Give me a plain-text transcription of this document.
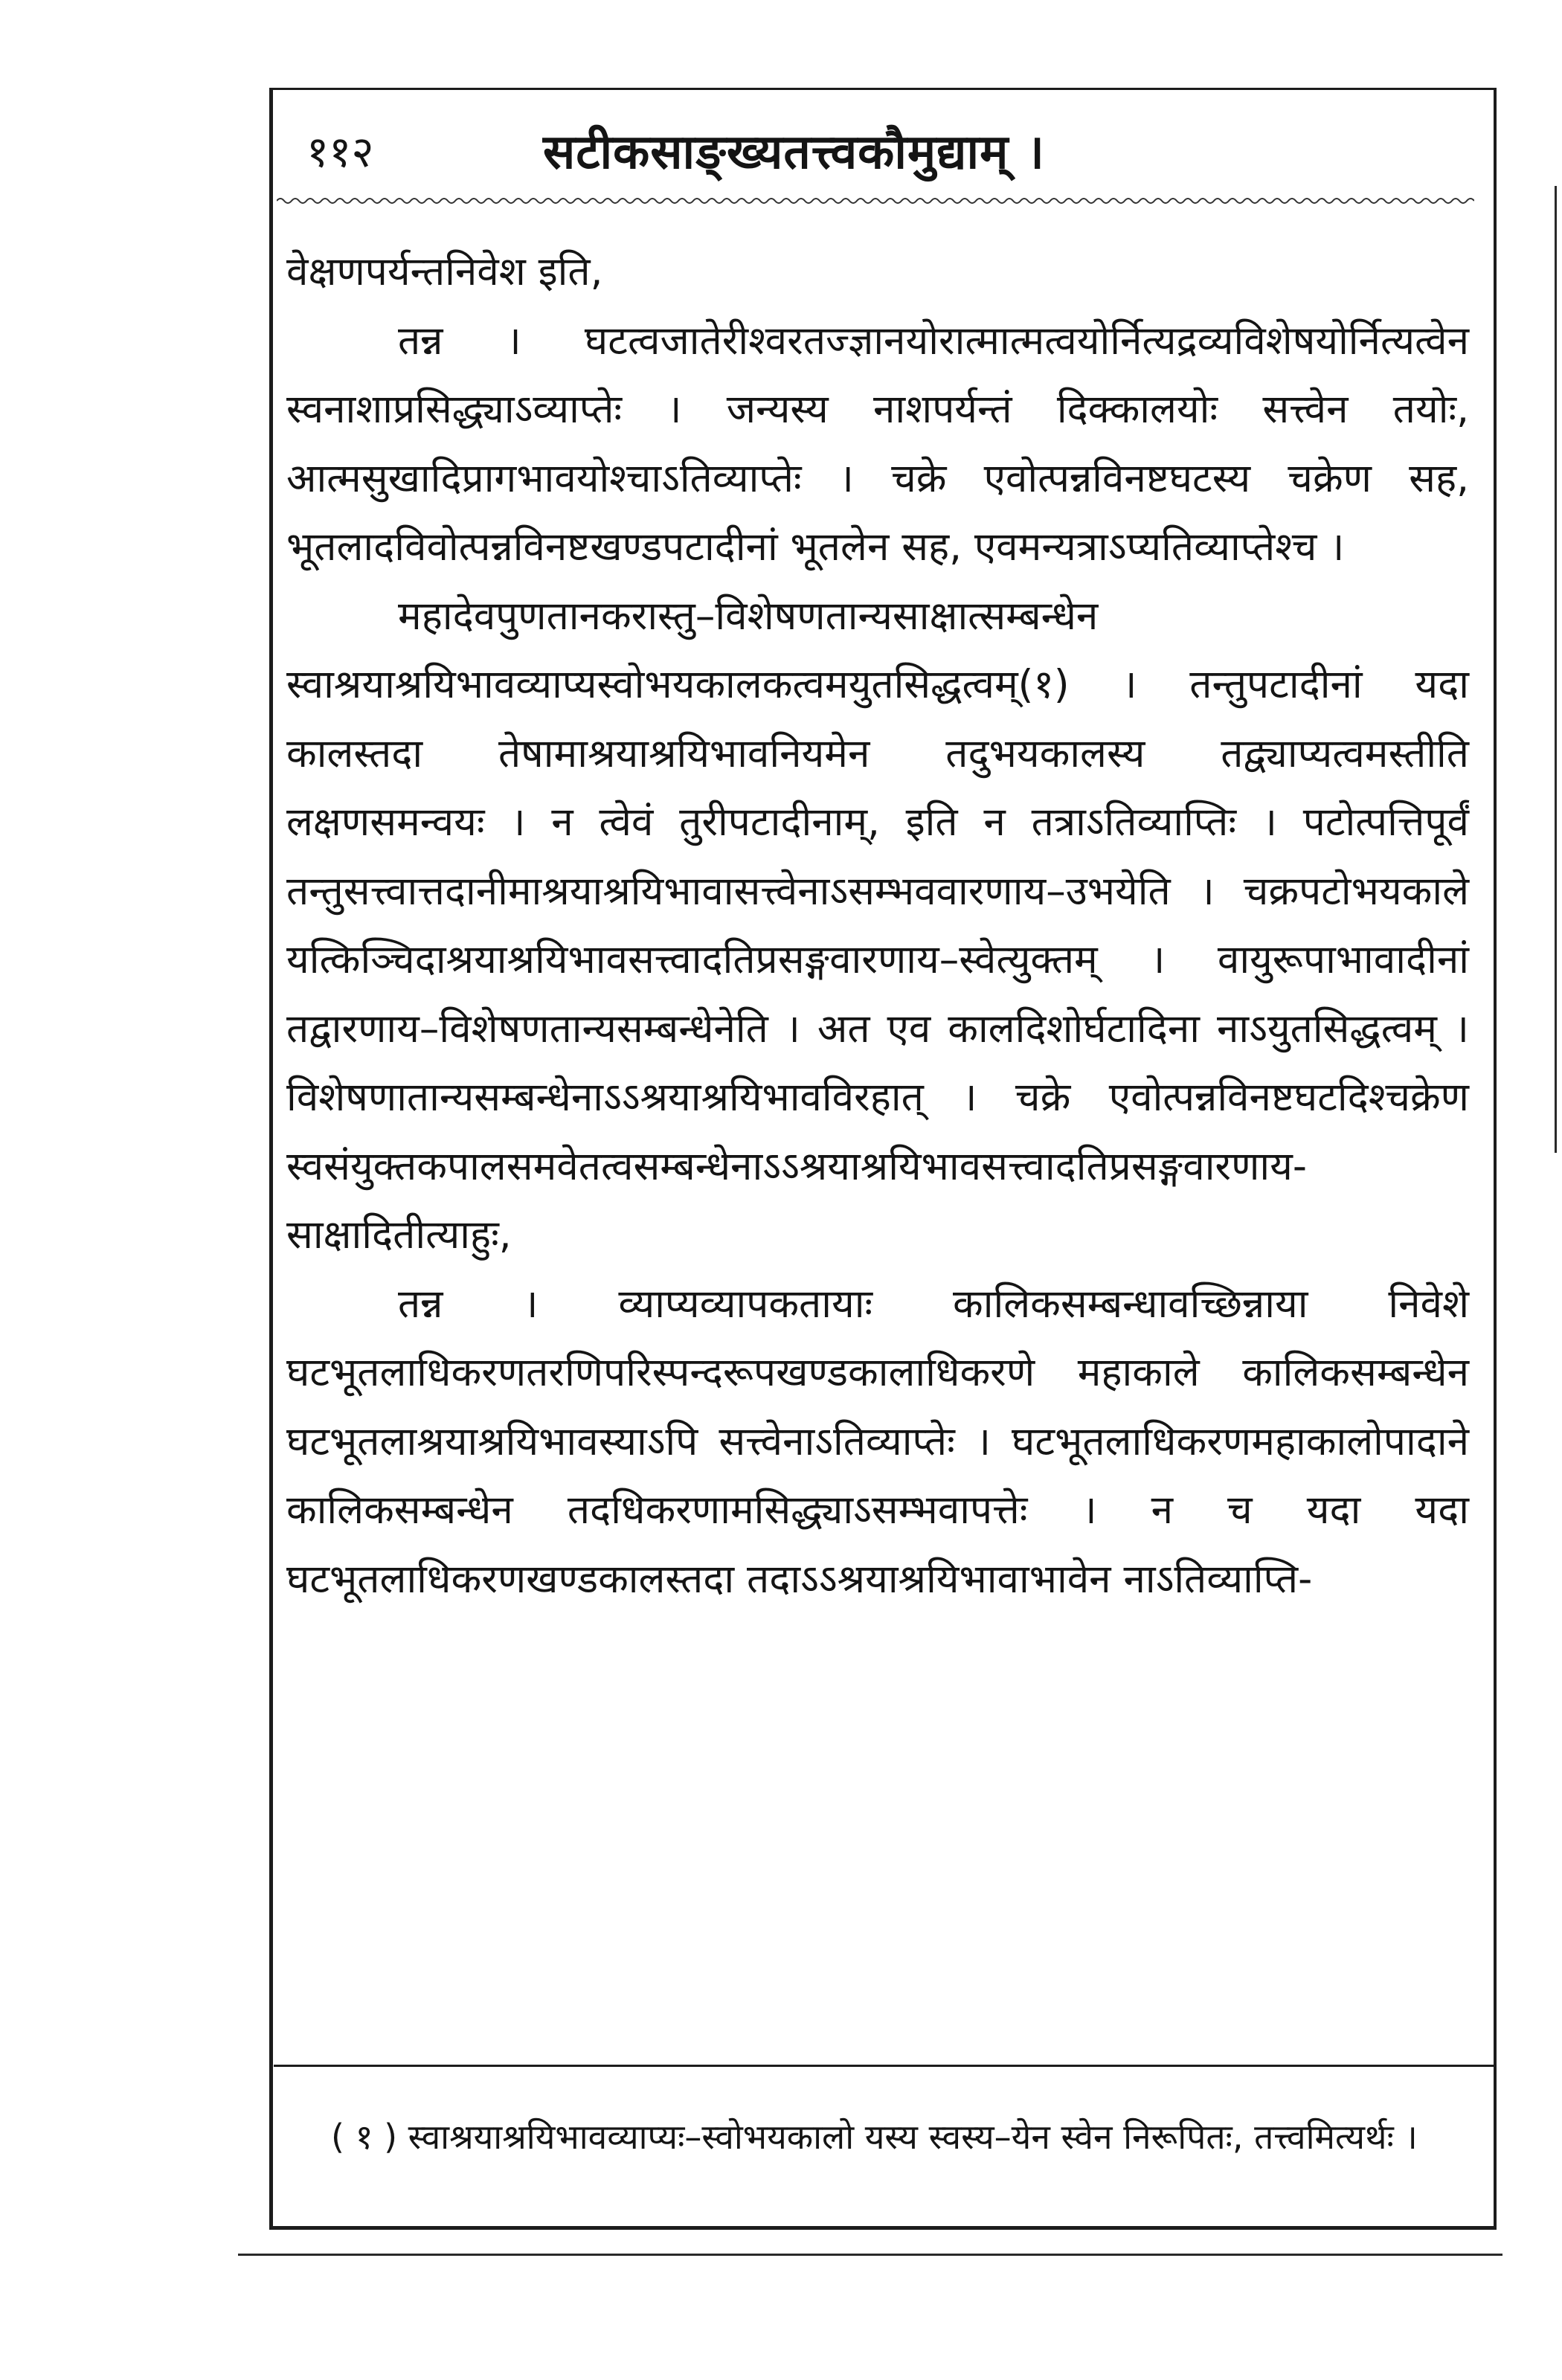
११२	सटीकसाङ्ख्यतत्त्वकौमुद्याम् ।

वेक्षणपर्यन्तनिवेश इति,

तन्न । घटत्वजातेरीश्वरतज्ज्ञानयोरात्मात्मत्वयोर्नित्यद्रव्यविशेषयोर्नित्यत्वेन स्वनाशाप्रसिद्ध्याऽव्याप्तेः । जन्यस्य नाशपर्यन्तं दिक्कालयोः सत्त्वेन तयोः, आत्मसुखादिप्रागभावयोश्चाऽतिव्याप्तेः । चक्रे एवोत्पन्नविनष्टघटस्य चक्रेण सह, भूतलादविवोत्पन्नविनष्टखण्डपटादीनां भूतलेन सह, एवमन्यत्राऽप्यतिव्याप्तेश्च ।

महादेवपुणतानकरास्तु–विशेषणतान्यसाक्षात्सम्बन्धेन स्वाश्रयाश्रयिभावव्याप्यस्वोभयकालकत्वमयुतसिद्धत्वम्(१) । तन्तुपटादीनां यदा कालस्तदा तेषामाश्रयाश्रयिभावनियमेन तदुभयकालस्य तद्व्याप्यत्वमस्तीति लक्षणसमन्वयः । न त्वेवं तुरीपटादीनाम्, इति न तत्राऽतिव्याप्तिः । पटोत्पत्तिपूर्वं तन्तुसत्त्वात्तदानीमाश्रयाश्रयिभावासत्त्वेनाऽसम्भववारणाय–उभयेति । चक्रपटोभयकाले यत्किञ्चिदाश्रयाश्रयिभावसत्त्वादतिप्रसङ्गवारणाय–स्वेत्युक्तम् । वायुरूपाभावादीनां तद्वारणाय–विशेषणतान्यसम्बन्धेनेति । अत एव कालदिशोर्घटादिना नाऽयुतसिद्धत्वम् । विशेषणातान्यसम्बन्धेनाऽऽश्रयाश्रयिभावविरहात् । चक्रे एवोत्पन्नविनष्टघटदिश्चक्रेण स्वसंयुक्तकपालसमवेतत्वसम्बन्धेनाऽऽश्रयाश्रयिभावसत्त्वादतिप्रसङ्गवारणाय-साक्षादितीत्याहुः,

तन्न । व्याप्यव्यापकतायाः कालिकसम्बन्धावच्छिन्नाया निवेशे घटभूतलाधिकरणतरणिपरिस्पन्दरूपखण्डकालाधिकरणे महाकाले कालिकसम्बन्धेन घटभूतलाश्रयाश्रयिभावस्याऽपि सत्त्वेनाऽतिव्याप्तेः । घटभूतलाधिकरणमहाकालोपादाने कालिकसम्बन्धेन तदधिकरणामसिद्ध्याऽसम्भवापत्तेः । न च यदा यदा घटभूतलाधिकरणखण्डकालस्तदा तदाऽऽश्रयाश्रयिभावाभावेन नाऽतिव्याप्ति-

( १ ) स्वाश्रयाश्रयिभावव्याप्यः–स्वोभयकालो यस्य स्वस्य–येन स्वेन निरूपितः, तत्त्वमित्यर्थः ।
